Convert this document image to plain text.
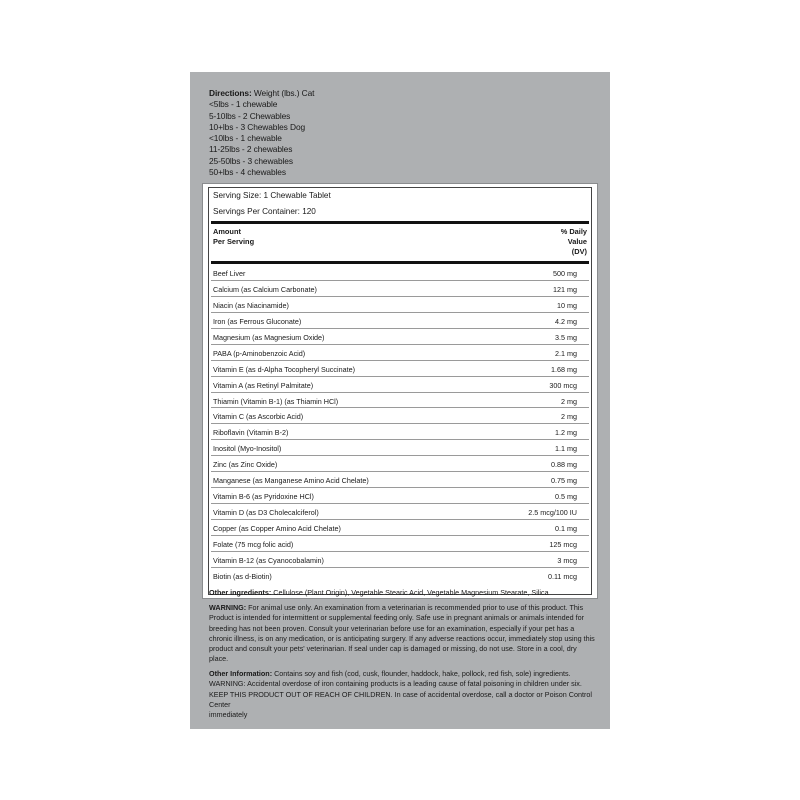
Directions: Weight (lbs.) Cat
<5lbs - 1 chewable
5-10lbs - 2 Chewables
10+lbs - 3 Chewables Dog
<10lbs - 1 chewable
11-25lbs - 2 chewables
25-50lbs - 3 chewables
50+lbs - 4 chewables
Serving Size: 1 Chewable Tablet
Servings Per Container: 120
Amount
Per Serving
% Daily
Value
(DV)
Beef Liver	500 mg
Calcium (as Calcium Carbonate)	121 mg
Niacin (as Niacinamide)	10 mg
Iron (as Ferrous Gluconate)	4.2 mg
Magnesium (as Magnesium Oxide)	3.5 mg
PABA (p-Aminobenzoic Acid)	2.1 mg
Vitamin E (as d-Alpha Tocopheryl Succinate)	1.68 mg
Vitamin A (as Retinyl Palmitate)	300 mcg
Thiamin (Vitamin B-1) (as Thiamin HCl)	2 mg
Vitamin C (as Ascorbic Acid)	2 mg
Riboflavin (Vitamin B-2)	1.2 mg
Inositol (Myo-Inositol)	1.1 mg
Zinc (as Zinc Oxide)	0.88 mg
Manganese (as Manganese Amino Acid Chelate)	0.75 mg
Vitamin B-6 (as Pyridoxine HCl)	0.5 mg
Vitamin D (as D3 Cholecalciferol)	2.5 mcg/100 IU
Copper (as Copper Amino Acid Chelate)	0.1 mg
Folate (75 mcg folic acid)	125 mcg
Vitamin B-12 (as Cyanocobalamin)	3 mcg
Biotin (as d-Biotin)	0.11 mcg
Other ingredients: Cellulose (Plant Origin), Vegetable Stearic Acid, Vegetable Magnesium Stearate, Silica
WARNING: For animal use only. An examination from a veterinarian is recommended prior to use of this product. This
Product is intended for intermittent or supplemental feeding only. Safe use in pregnant animals or animals intended for
breeding has not been proven. Consult your veterinarian before use for an examination, especially if your pet has a
chronic illness, is on any medication, or is anticipating surgery. If any adverse reactions occur, immediately stop using this
product and consult your pets' veterinarian. If seal under cap is damaged or missing, do not use. Store in a cool, dry
place.
Other Information: Contains soy and fish (cod, cusk, flounder, haddock, hake, pollock, red fish, sole) ingredients.
WARNING: Accidental overdose of iron containing products is a leading cause of fatal poisoning in children under six.
KEEP THIS PRODUCT OUT OF REACH OF CHILDREN. In case of accidental overdose, call a doctor or Poison Control Center
immediately
